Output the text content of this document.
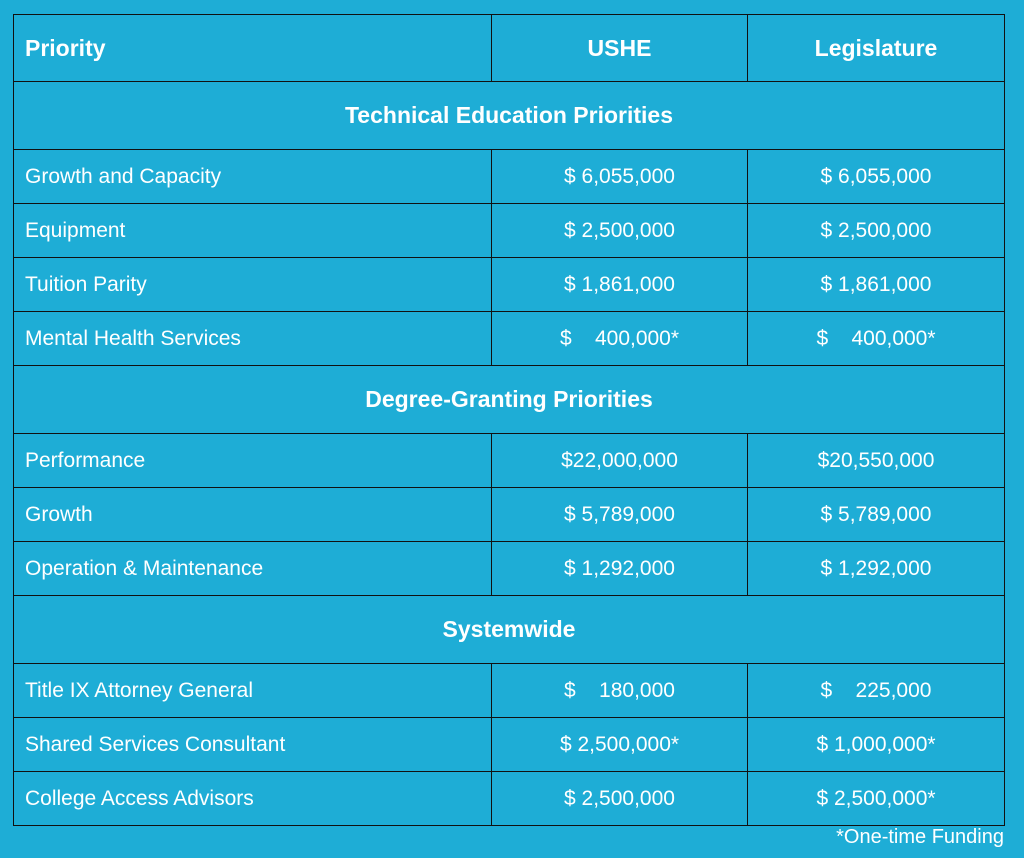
Priority	USHE	Legislature
Technical Education Priorities		
Growth and Capacity	$ 6,055,000	$ 6,055,000
Equipment	$ 2,500,000	$ 2,500,000
Tuition Parity	$ 1,861,000	$ 1,861,000
Mental Health Services	$    400,000*	$    400,000*
Degree-Granting Priorities		
Performance	$22,000,000	$20,550,000
Growth	$ 5,789,000	$ 5,789,000
Operation & Maintenance	$ 1,292,000	$ 1,292,000
Systemwide		
Title IX Attorney General	$    180,000	$    225,000
Shared Services Consultant	$ 2,500,000*	$ 1,000,000*
College Access Advisors	$ 2,500,000	$ 2,500,000*
*One-time Funding
